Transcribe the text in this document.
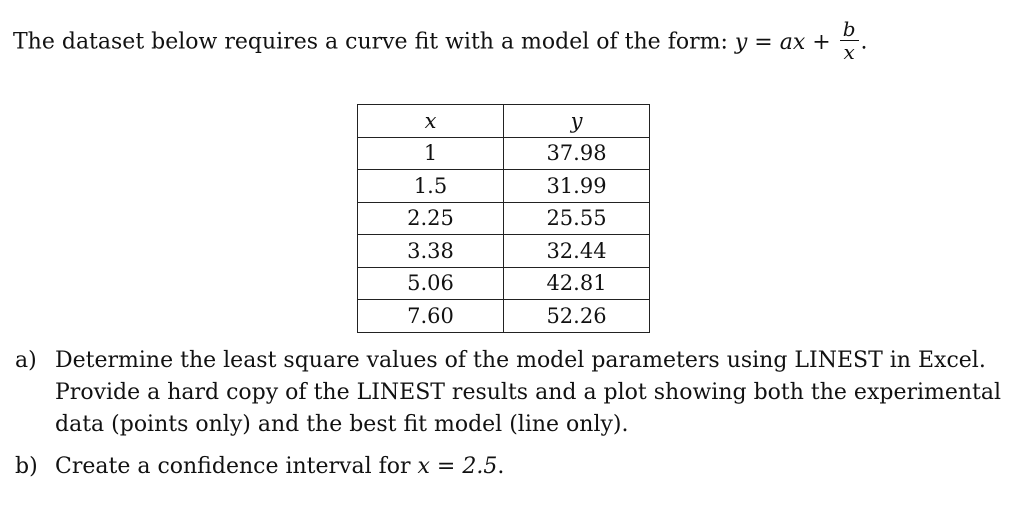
The dataset below requires a curve fit with a model of the form: y = ax + $\frac{b}{x}$ .
x	y
1	37.98
1.5	31.99
2.25	25.55
3.38	32.44
5.06	42.81
7.60	52.26
a) Determine the least square values of the model parameters using LINEST in Excel. Provide a hard copy of the LINEST results and a plot showing both the experimental data (points only) and the best fit model (line only).
b) Create a confidence interval for x = 2.5.
